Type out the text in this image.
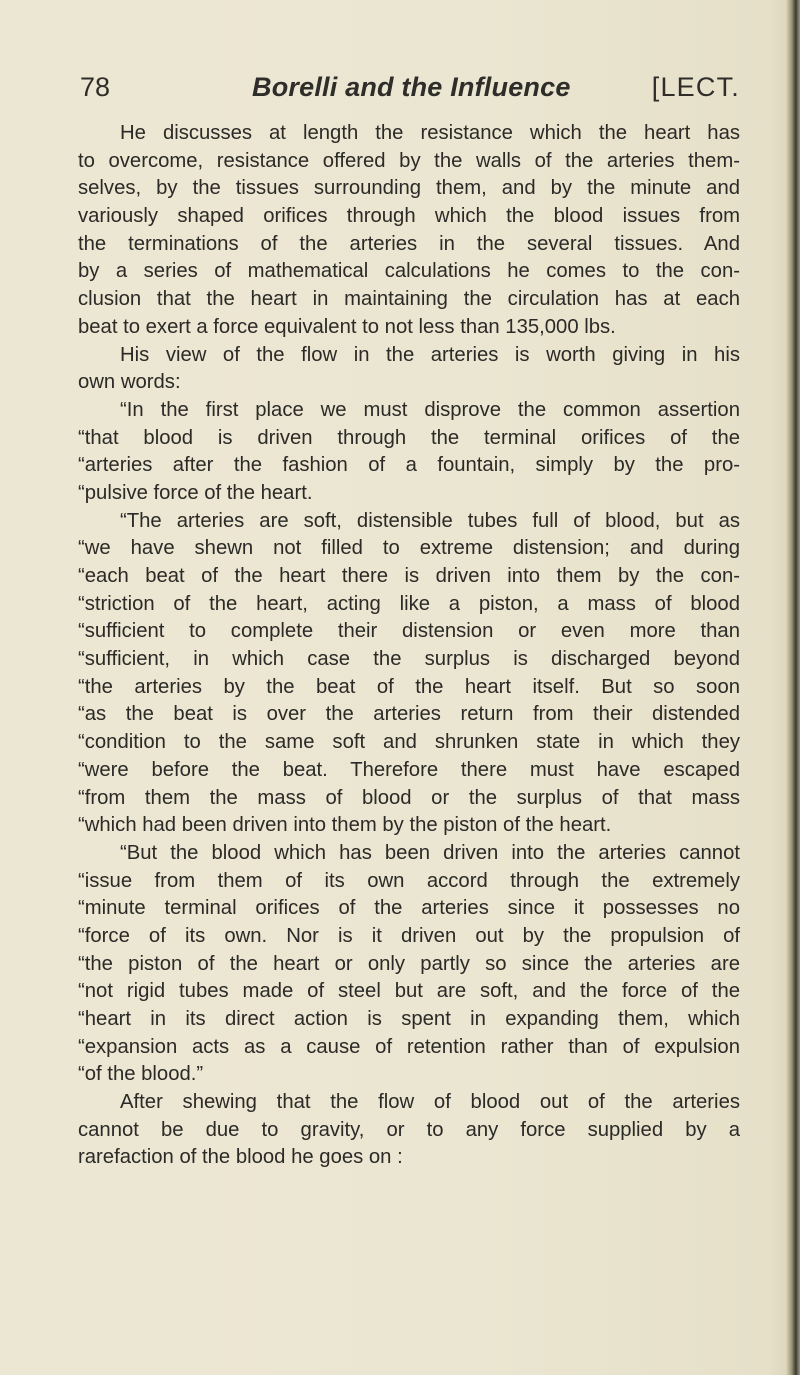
78	Borelli and the Influence	[LECT.
He discusses at length the resistance which the heart has
to overcome, resistance offered by the walls of the arteries them-
selves, by the tissues surrounding them, and by the minute and
variously shaped orifices through which the blood issues from
the terminations of the arteries in the several tissues. And
by a series of mathematical calculations he comes to the con-
clusion that the heart in maintaining the circulation has at each
beat to exert a force equivalent to not less than 135,000 lbs.
His view of the flow in the arteries is worth giving in his
own words:
“In the first place we must disprove the common assertion
“that blood is driven through the terminal orifices of the
“arteries after the fashion of a fountain, simply by the pro-
“pulsive force of the heart.
“The arteries are soft, distensible tubes full of blood, but as
“we have shewn not filled to extreme distension; and during
“each beat of the heart there is driven into them by the con-
“striction of the heart, acting like a piston, a mass of blood
“sufficient to complete their distension or even more than
“sufficient, in which case the surplus is discharged beyond
“the arteries by the beat of the heart itself. But so soon
“as the beat is over the arteries return from their distended
“condition to the same soft and shrunken state in which they
“were before the beat. Therefore there must have escaped
“from them the mass of blood or the surplus of that mass
“which had been driven into them by the piston of the heart.
“But the blood which has been driven into the arteries cannot
“issue from them of its own accord through the extremely
“minute terminal orifices of the arteries since it possesses no
“force of its own. Nor is it driven out by the propulsion of
“the piston of the heart or only partly so since the arteries are
“not rigid tubes made of steel but are soft, and the force of the
“heart in its direct action is spent in expanding them, which
“expansion acts as a cause of retention rather than of expulsion
“of the blood.”
After shewing that the flow of blood out of the arteries
cannot be due to gravity, or to any force supplied by a
rarefaction of the blood he goes on :
